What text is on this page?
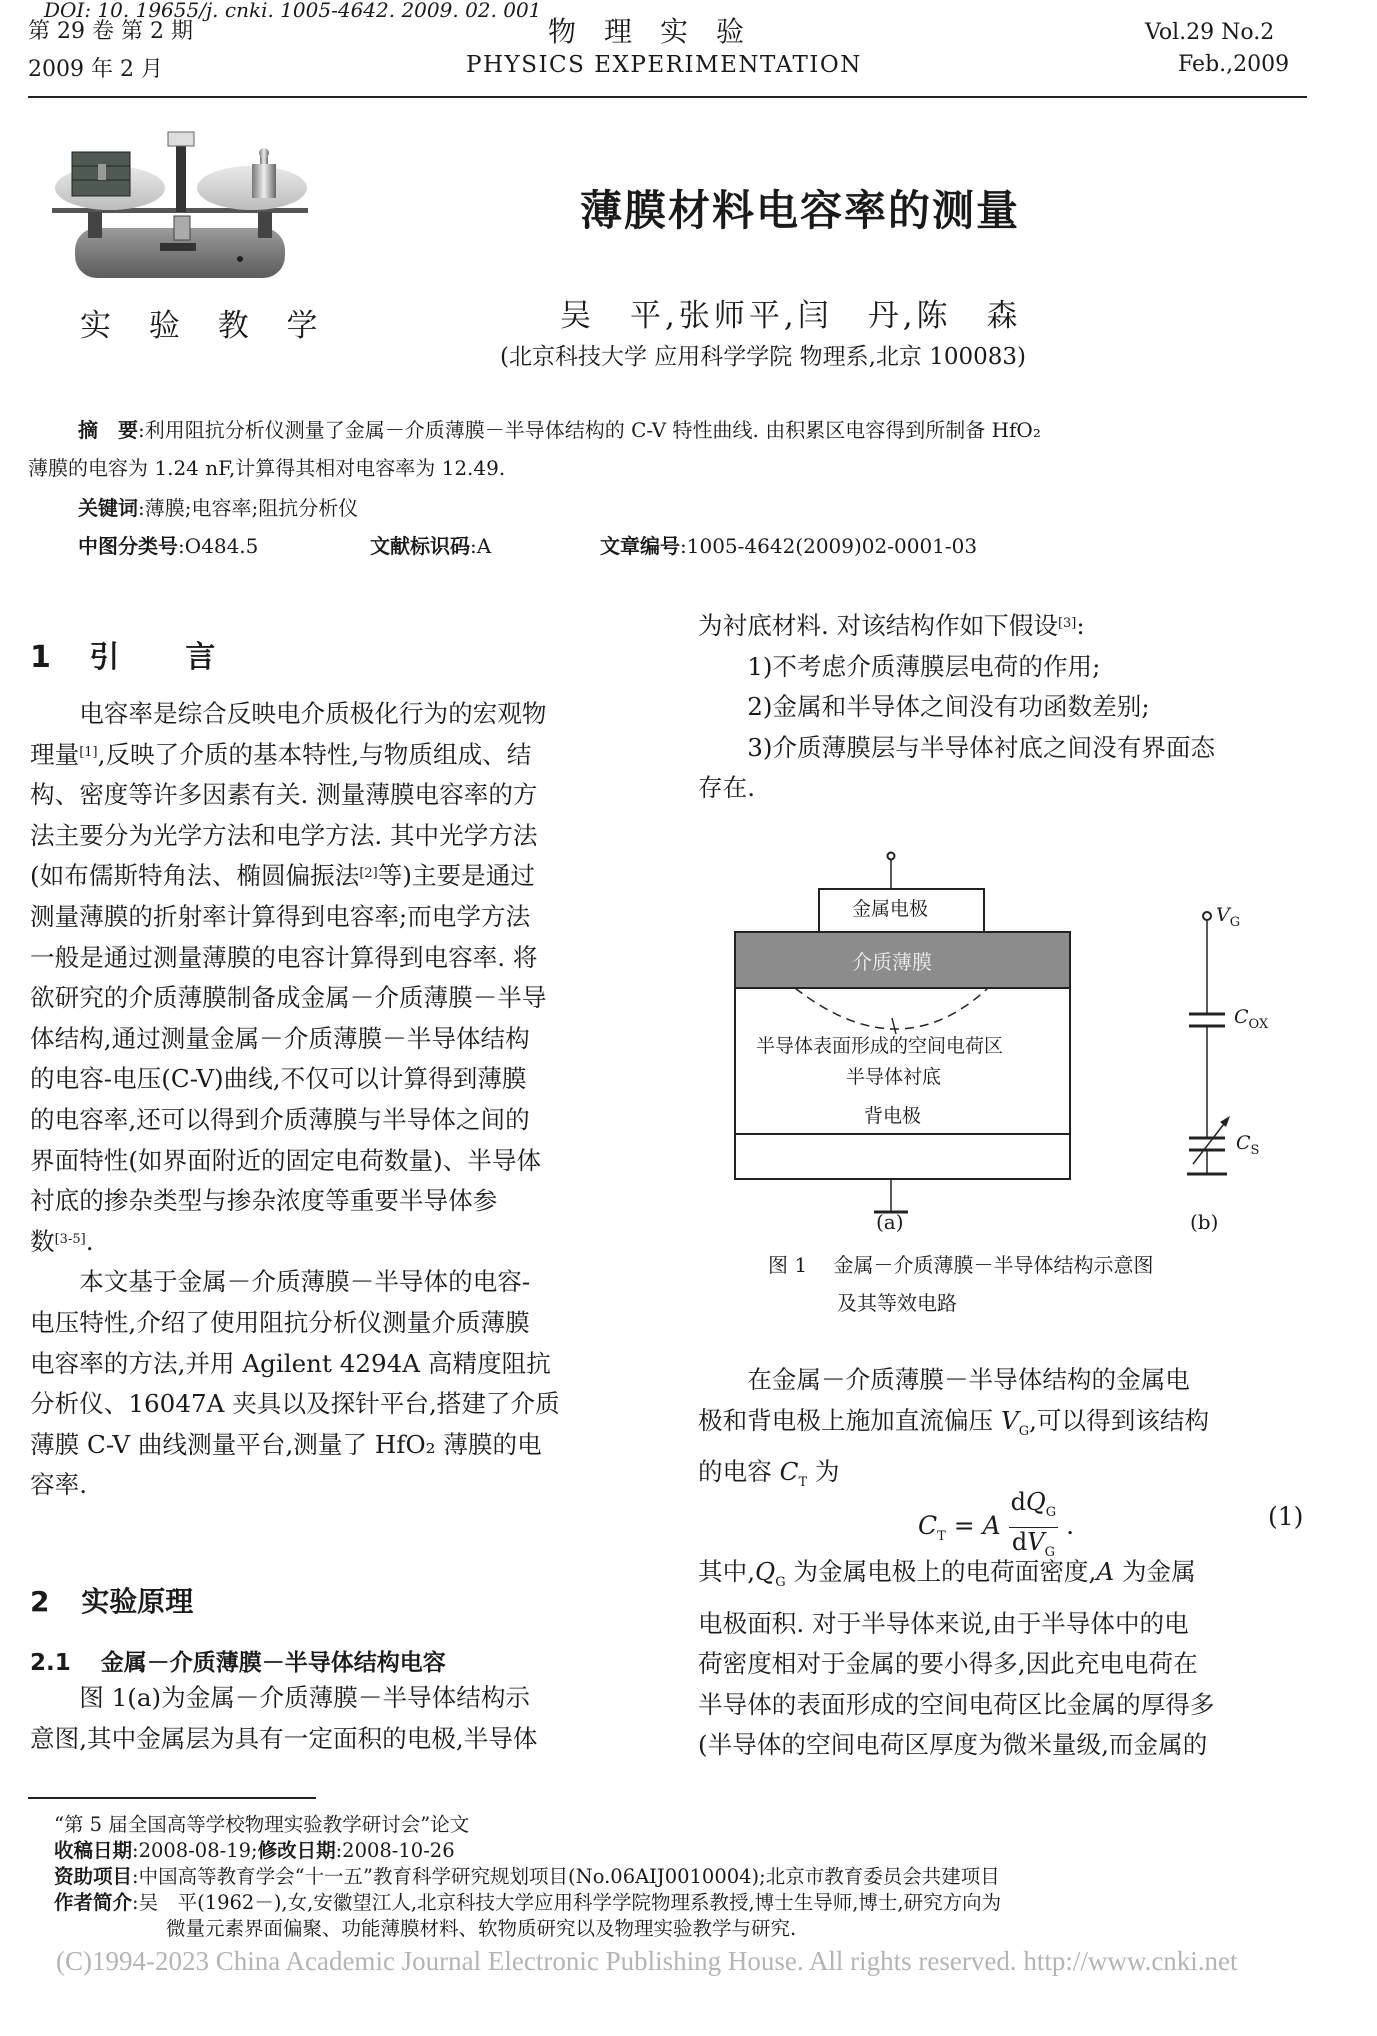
DOI: 10. 19655/j. cnki. 1005-4642. 2009. 02. 001
第 29 卷 第 2 期
2009 年 2 月
物　理　实　验
PHYSICS EXPERIMENTATION
Vol.29 No.2
Feb.,2009
实 验 教 学
薄膜材料电容率的测量
吴　平,张师平,闫　丹,陈　森
(北京科技大学 应用科学学院 物理系,北京 100083)
摘　要:利用阻抗分析仪测量了金属－介质薄膜－半导体结构的 C-V 特性曲线. 由积累区电容得到所制备 HfO₂
薄膜的电容为 1.24 nF,计算得其相对电容率为 12.49.
关键词:薄膜;电容率;阻抗分析仪
中图分类号:O484.5	文献标识码:A	文章编号:1005-4642(2009)02-0001-03
1 引　言

　　电容率是综合反映电介质极化行为的宏观物

理量[1],反映了介质的基本特性,与物质组成、结

构、密度等许多因素有关. 测量薄膜电容率的方

法主要分为光学方法和电学方法. 其中光学方法

(如布儒斯特角法、椭圆偏振法[2]等)主要是通过

测量薄膜的折射率计算得到电容率;而电学方法

一般是通过测量薄膜的电容计算得到电容率. 将

欲研究的介质薄膜制备成金属－介质薄膜－半导

体结构,通过测量金属－介质薄膜－半导体结构

的电容-电压(C-V)曲线,不仅可以计算得到薄膜

的电容率,还可以得到介质薄膜与半导体之间的

界面特性(如界面附近的固定电荷数量)、半导体

衬底的掺杂类型与掺杂浓度等重要半导体参

数[3-5].

　　本文基于金属－介质薄膜－半导体的电容-

电压特性,介绍了使用阻抗分析仪测量介质薄膜

电容率的方法,并用 Agilent 4294A 高精度阻抗

分析仪、16047A 夹具以及探针平台,搭建了介质

薄膜 C-V 曲线测量平台,测量了 HfO₂ 薄膜的电

容率.

2 实验原理
2.1 金属－介质薄膜－半导体结构电容

　　图 1(a)为金属－介质薄膜－半导体结构示

意图,其中金属层为具有一定面积的电极,半导体

为衬底材料. 对该结构作如下假设[3]:

　　1)不考虑介质薄膜层电荷的作用;

　　2)金属和半导体之间没有功函数差别;

　　3)介质薄膜层与半导体衬底之间没有界面态

存在.

金属电极
介质薄膜
半导体表面形成的空间电荷区
半导体衬底
背电极
$V_G$
$C_{OX}$
$C_S$
(a)	(b)
图 1 金属－介质薄膜－半导体结构示意图
及其等效电路

　　在金属－介质薄膜－半导体结构的金属电

极和背电极上施加直流偏压 $V_G$,可以得到该结构

的电容 $C_T$ 为

$C_T = A \frac{dQ_G}{dV_G}$ .	(1)

其中$,Q_G$ 为金属电极上的电荷面密度,A 为金属

电极面积. 对于半导体来说,由于半导体中的电

荷密度相对于金属的要小得多,因此充电电荷在

半导体的表面形成的空间电荷区比金属的厚得多

(半导体的空间电荷区厚度为微米量级,而金属的

“第 5 届全国高等学校物理实验教学研讨会”论文
收稿日期:2008-08-19;修改日期:2008-10-26
资助项目:中国高等教育学会“十一五”教育科学研究规划项目(No.06AIJ0010004);北京市教育委员会共建项目
作者简介:吴　平(1962－),女,安徽望江人,北京科技大学应用科学学院物理系教授,博士生导师,博士,研究方向为
微量元素界面偏聚、功能薄膜材料、软物质研究以及物理实验教学与研究.
(C)1994-2023 China Academic Journal Electronic Publishing House. All rights reserved. http://www.cnki.net
